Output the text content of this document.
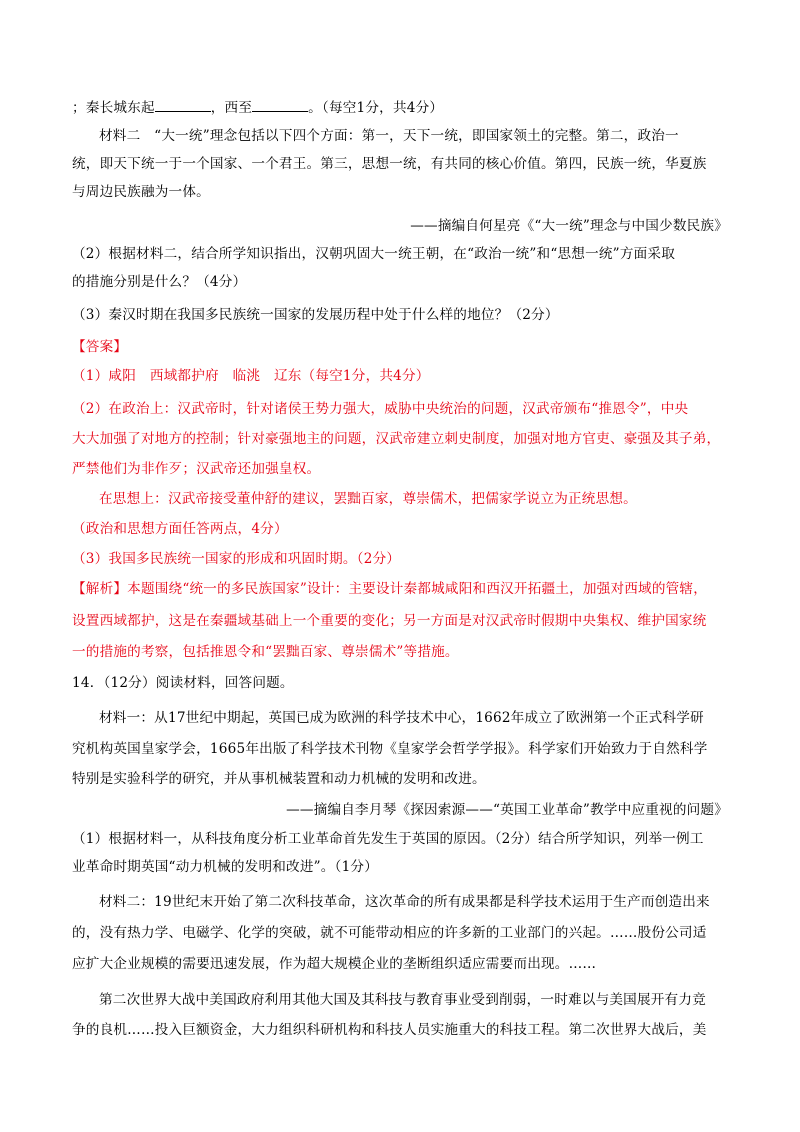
；秦长城东起	，西至	。（每空1分，共4分）
材料二　“大一统”理念包括以下四个方面：第一，天下一统，即国家领土的完整。第二，政治一
统，即天下统一于一个国家、一个君王。第三，思想一统，有共同的核心价值。第四，民族一统，华夏族
与周边民族融为一体。
——摘编自何星亮《“大一统”理念与中国少数民族》
（2）根据材料二，结合所学知识指出，汉朝巩固大一统王朝，在“政治一统”和“思想一统”方面采取
的措施分别是什么？（4分）
（3）秦汉时期在我国多民族统一国家的发展历程中处于什么样的地位？（2分）
【答案】
（1）咸阳　西域都护府　临洮　辽东（每空1分，共4分）
（2）在政治上：汉武帝时，针对诸侯王势力强大，威胁中央统治的问题，汉武帝颁布“推恩令”，中央
大大加强了对地方的控制；针对豪强地主的问题，汉武帝建立刺史制度，加强对地方官吏、豪强及其子弟，
严禁他们为非作歹；汉武帝还加强皇权。
在思想上：汉武帝接受董仲舒的建议，罢黜百家，尊崇儒术，把儒家学说立为正统思想。
（政治和思想方面任答两点，4分）
（3）我国多民族统一国家的形成和巩固时期。（2分）
【解析】本题围绕“统一的多民族国家”设计：主要设计秦都城咸阳和西汉开拓疆土，加强对西域的管辖，
设置西域都护，这是在秦疆域基础上一个重要的变化；另一方面是对汉武帝时假期中央集权、维护国家统
一的措施的考察，包括推恩令和“罢黜百家、尊崇儒术”等措施。
14．（12分）阅读材料，回答问题。
材料一：从17世纪中期起，英国已成为欧洲的科学技术中心，1662年成立了欧洲第一个正式科学研
究机构英国皇家学会，1665年出版了科学技术刊物《皇家学会哲学学报》。科学家们开始致力于自然科学
特别是实验科学的研究，并从事机械装置和动力机械的发明和改进。
——摘编自李月琴《探因索源——“英国工业革命”教学中应重视的问题》
（1）根据材料一，从科技角度分析工业革命首先发生于英国的原因。（2分）结合所学知识，列举一例工
业革命时期英国“动力机械的发明和改进”。（1分）
材料二：19世纪末开始了第二次科技革命，这次革命的所有成果都是科学技术运用于生产而创造出来
的，没有热力学、电磁学、化学的突破，就不可能带动相应的许多新的工业部门的兴起。……股份公司适
应扩大企业规模的需要迅速发展，作为超大规模企业的垄断组织适应需要而出现。……
第二次世界大战中美国政府利用其他大国及其科技与教育事业受到削弱，一时难以与美国展开有力竞
争的良机……投入巨额资金，大力组织科研机构和科技人员实施重大的科技工程。第二次世界大战后，美
